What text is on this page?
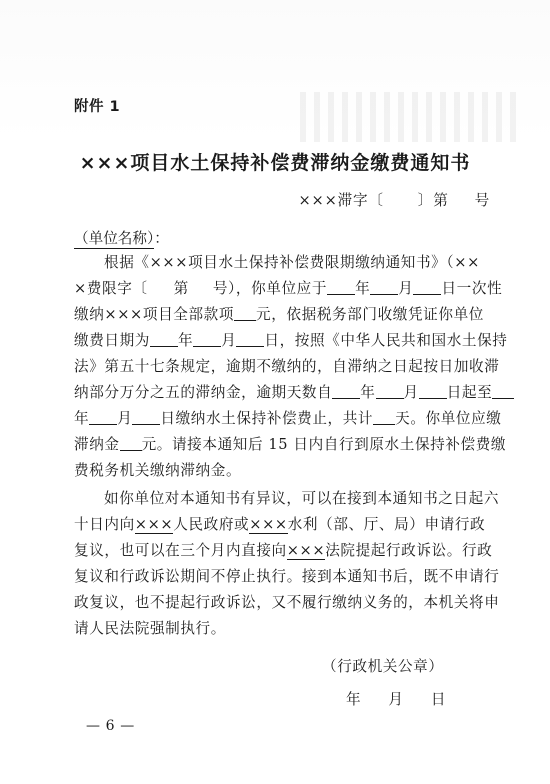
附件 1
×××项目水土保持补偿费滞纳金缴费通知书
×××滞字〔 〕第 号
（单位名称）：
根据《×××项目水土保持补偿费限期缴纳通知书》（××
×费限字〔 第 号），你单位应于 年 月 日一次性
缴纳×××项目全部款项 元，依据税务部门收缴凭证你单位
缴费日期为 年 月 日，按照《中华人民共和国水土保持
法》第五十七条规定，逾期不缴纳的，自滞纳之日起按日加收滞
纳部分万分之五的滞纳金，逾期天数自 年 月 日起至
年 月 日缴纳水土保持补偿费止，共计 天。你单位应缴
滞纳金 元。请接本通知后 15 日内自行到原水土保持补偿费缴
费税务机关缴纳滞纳金。
如你单位对本通知书有异议，可以在接到本通知书之日起六
十日内向×××人民政府或×××水利（部、厅、局）申请行政
复议，也可以在三个月内直接向×××法院提起行政诉讼。行政
复议和行政诉讼期间不停止执行。接到本通知书后，既不申请行
政复议，也不提起行政诉讼，又不履行缴纳义务的，本机关将申
请人民法院强制执行。
（行政机关公章）
年 月 日
— 6 —
